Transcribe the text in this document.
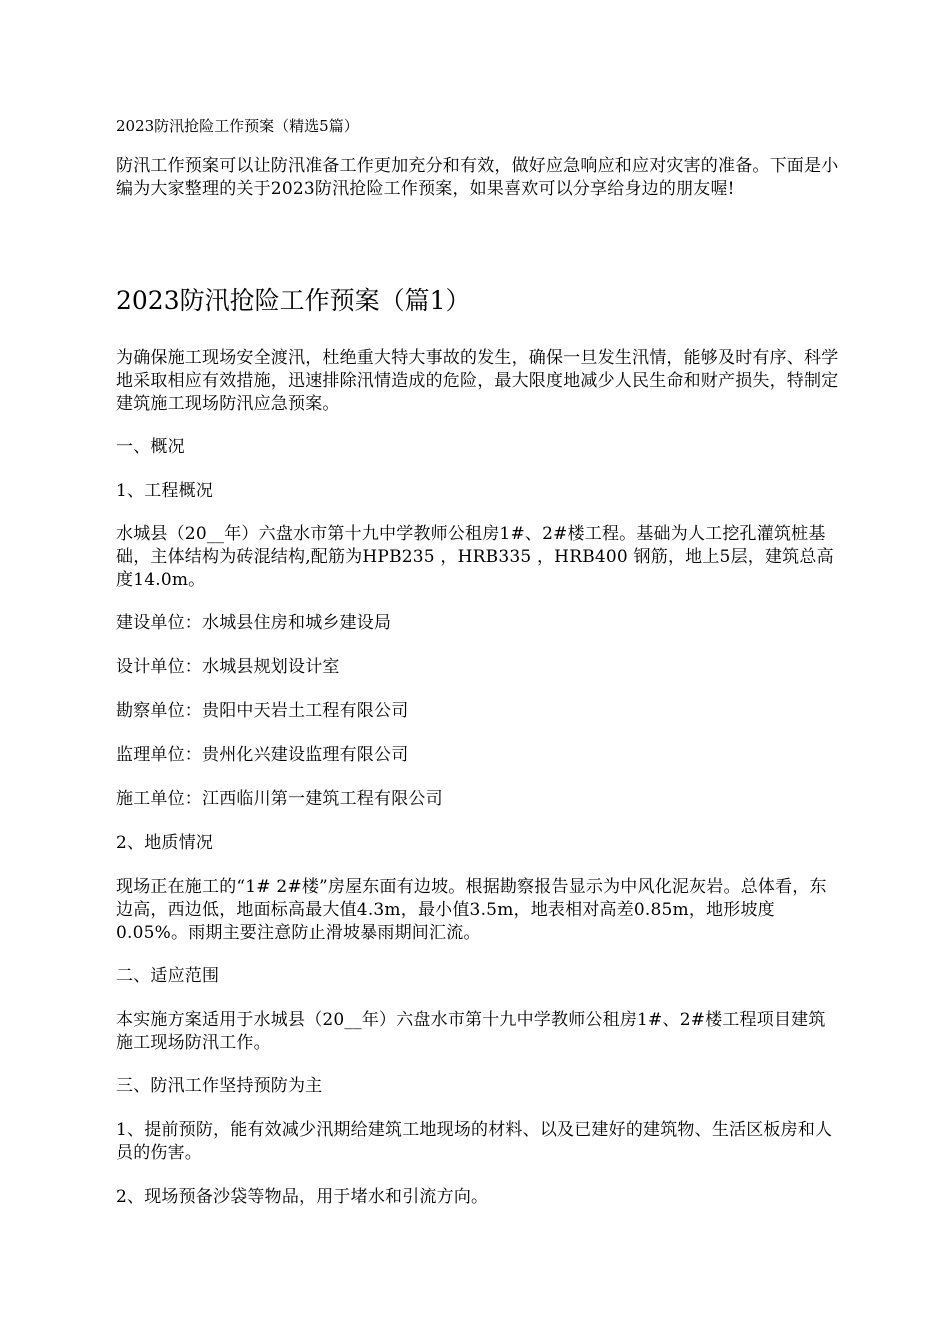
2023防汛抢险工作预案（精选5篇）
防汛工作预案可以让防汛准备工作更加充分和有效，做好应急响应和应对灾害的准备。下面是小编为大家整理的关于2023防汛抢险工作预案，如果喜欢可以分享给身边的朋友喔!
2023防汛抢险工作预案（篇1）
为确保施工现场安全渡汛，杜绝重大特大事故的发生，确保一旦发生汛情，能够及时有序、科学地采取相应有效措施，迅速排除汛情造成的危险，最大限度地减少人民生命和财产损失，特制定建筑施工现场防汛应急预案。
一、概况
1、工程概况
水城县（20__年）六盘水市第十九中学教师公租房1#、2#楼工程。基础为人工挖孔灌筑桩基础，主体结构为砖混结构,配筋为HPB235 ，HRB335 ，HRB400 钢筋，地上5层，建筑总高度14.0m。
建设单位：水城县住房和城乡建设局
设计单位：水城县规划设计室
勘察单位：贵阳中天岩土工程有限公司
监理单位：贵州化兴建设监理有限公司
施工单位：江西临川第一建筑工程有限公司
2、地质情况
现场正在施工的“1# 2#楼”房屋东面有边坡。根据勘察报告显示为中风化泥灰岩。总体看，东边高，西边低，地面标高最大值4.3m，最小值3.5m，地表相对高差0.85m，地形坡度0.05%。雨期主要注意防止滑坡暴雨期间汇流。
二、适应范围
本实施方案适用于水城县（20__年）六盘水市第十九中学教师公租房1#、2#楼工程项目建筑施工现场防汛工作。
三、防汛工作坚持预防为主
1、提前预防，能有效减少汛期给建筑工地现场的材料、以及已建好的建筑物、生活区板房和人员的伤害。
2、现场预备沙袋等物品，用于堵水和引流方向。
